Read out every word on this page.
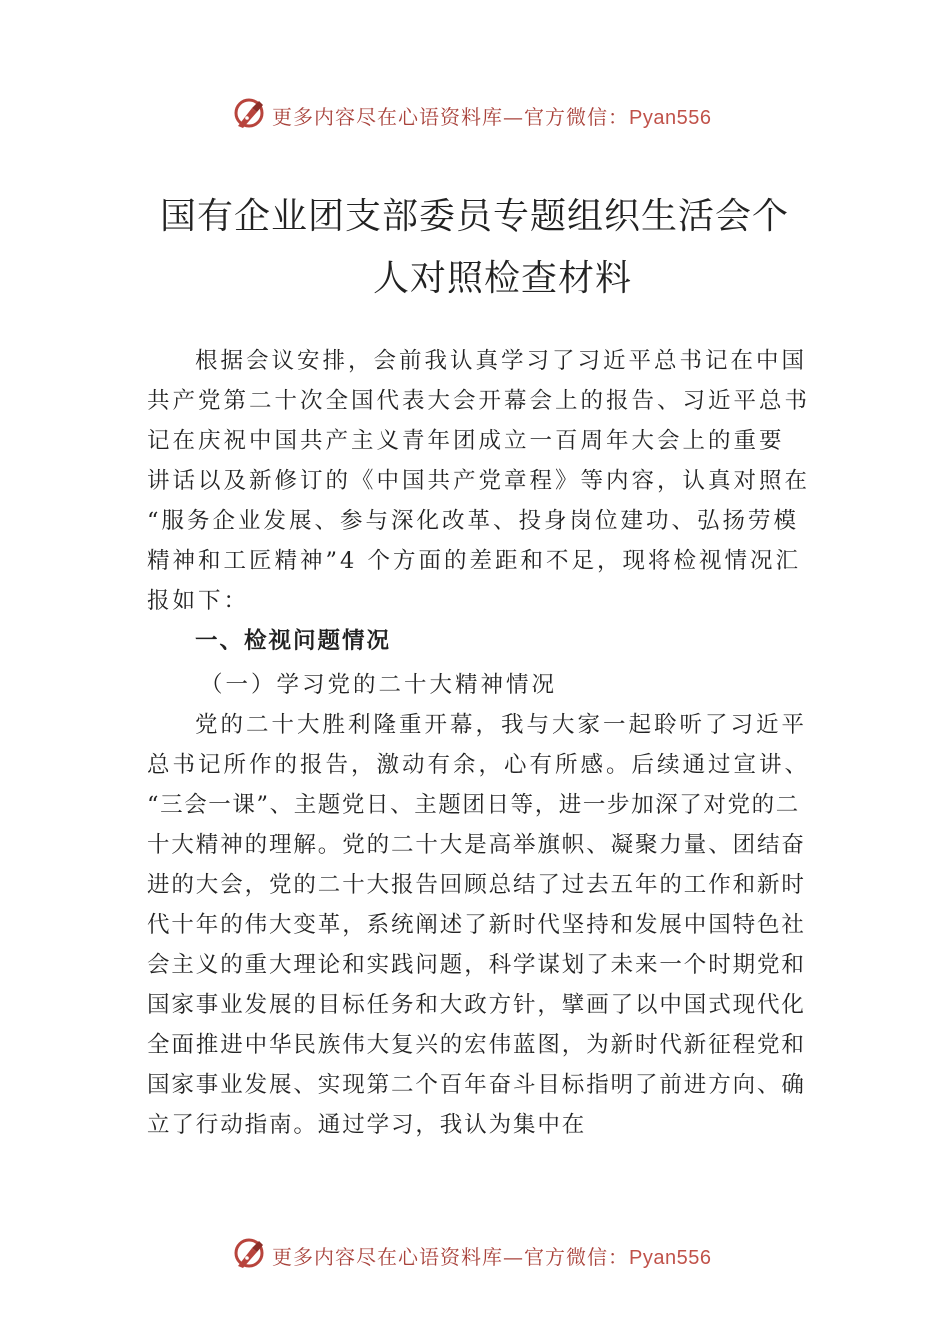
更多内容尽在心语资料库—官方微信：Pyan556
国有企业团支部委员专题组织生活会个
人对照检查材料
根据会议安排，会前我认真学习了习近平总书记在中国
共产党第二十次全国代表大会开幕会上的报告、习近平总书
记在庆祝中国共产主义青年团成立一百周年大会上的重要
讲话以及新修订的《中国共产党章程》等内容，认真对照在
“服务企业发展、参与深化改革、投身岗位建功、弘扬劳模
精神和工匠精神”4 个方面的差距和不足，现将检视情况汇
报如下：
一、检视问题情况
（一）学习党的二十大精神情况
党的二十大胜利隆重开幕，我与大家一起聆听了习近平
总书记所作的报告，激动有余，心有所感。后续通过宣讲、
“三会一课”、主题党日、主题团日等，进一步加深了对党的二
十大精神的理解。党的二十大是高举旗帜、凝聚力量、团结奋
进的大会，党的二十大报告回顾总结了过去五年的工作和新时
代十年的伟大变革，系统阐述了新时代坚持和发展中国特色社
会主义的重大理论和实践问题，科学谋划了未来一个时期党和
国家事业发展的目标任务和大政方针，擘画了以中国式现代化
全面推进中华民族伟大复兴的宏伟蓝图，为新时代新征程党和
国家事业发展、实现第二个百年奋斗目标指明了前进方向、确
立了行动指南。通过学习，我认为集中在
更多内容尽在心语资料库—官方微信：Pyan556
